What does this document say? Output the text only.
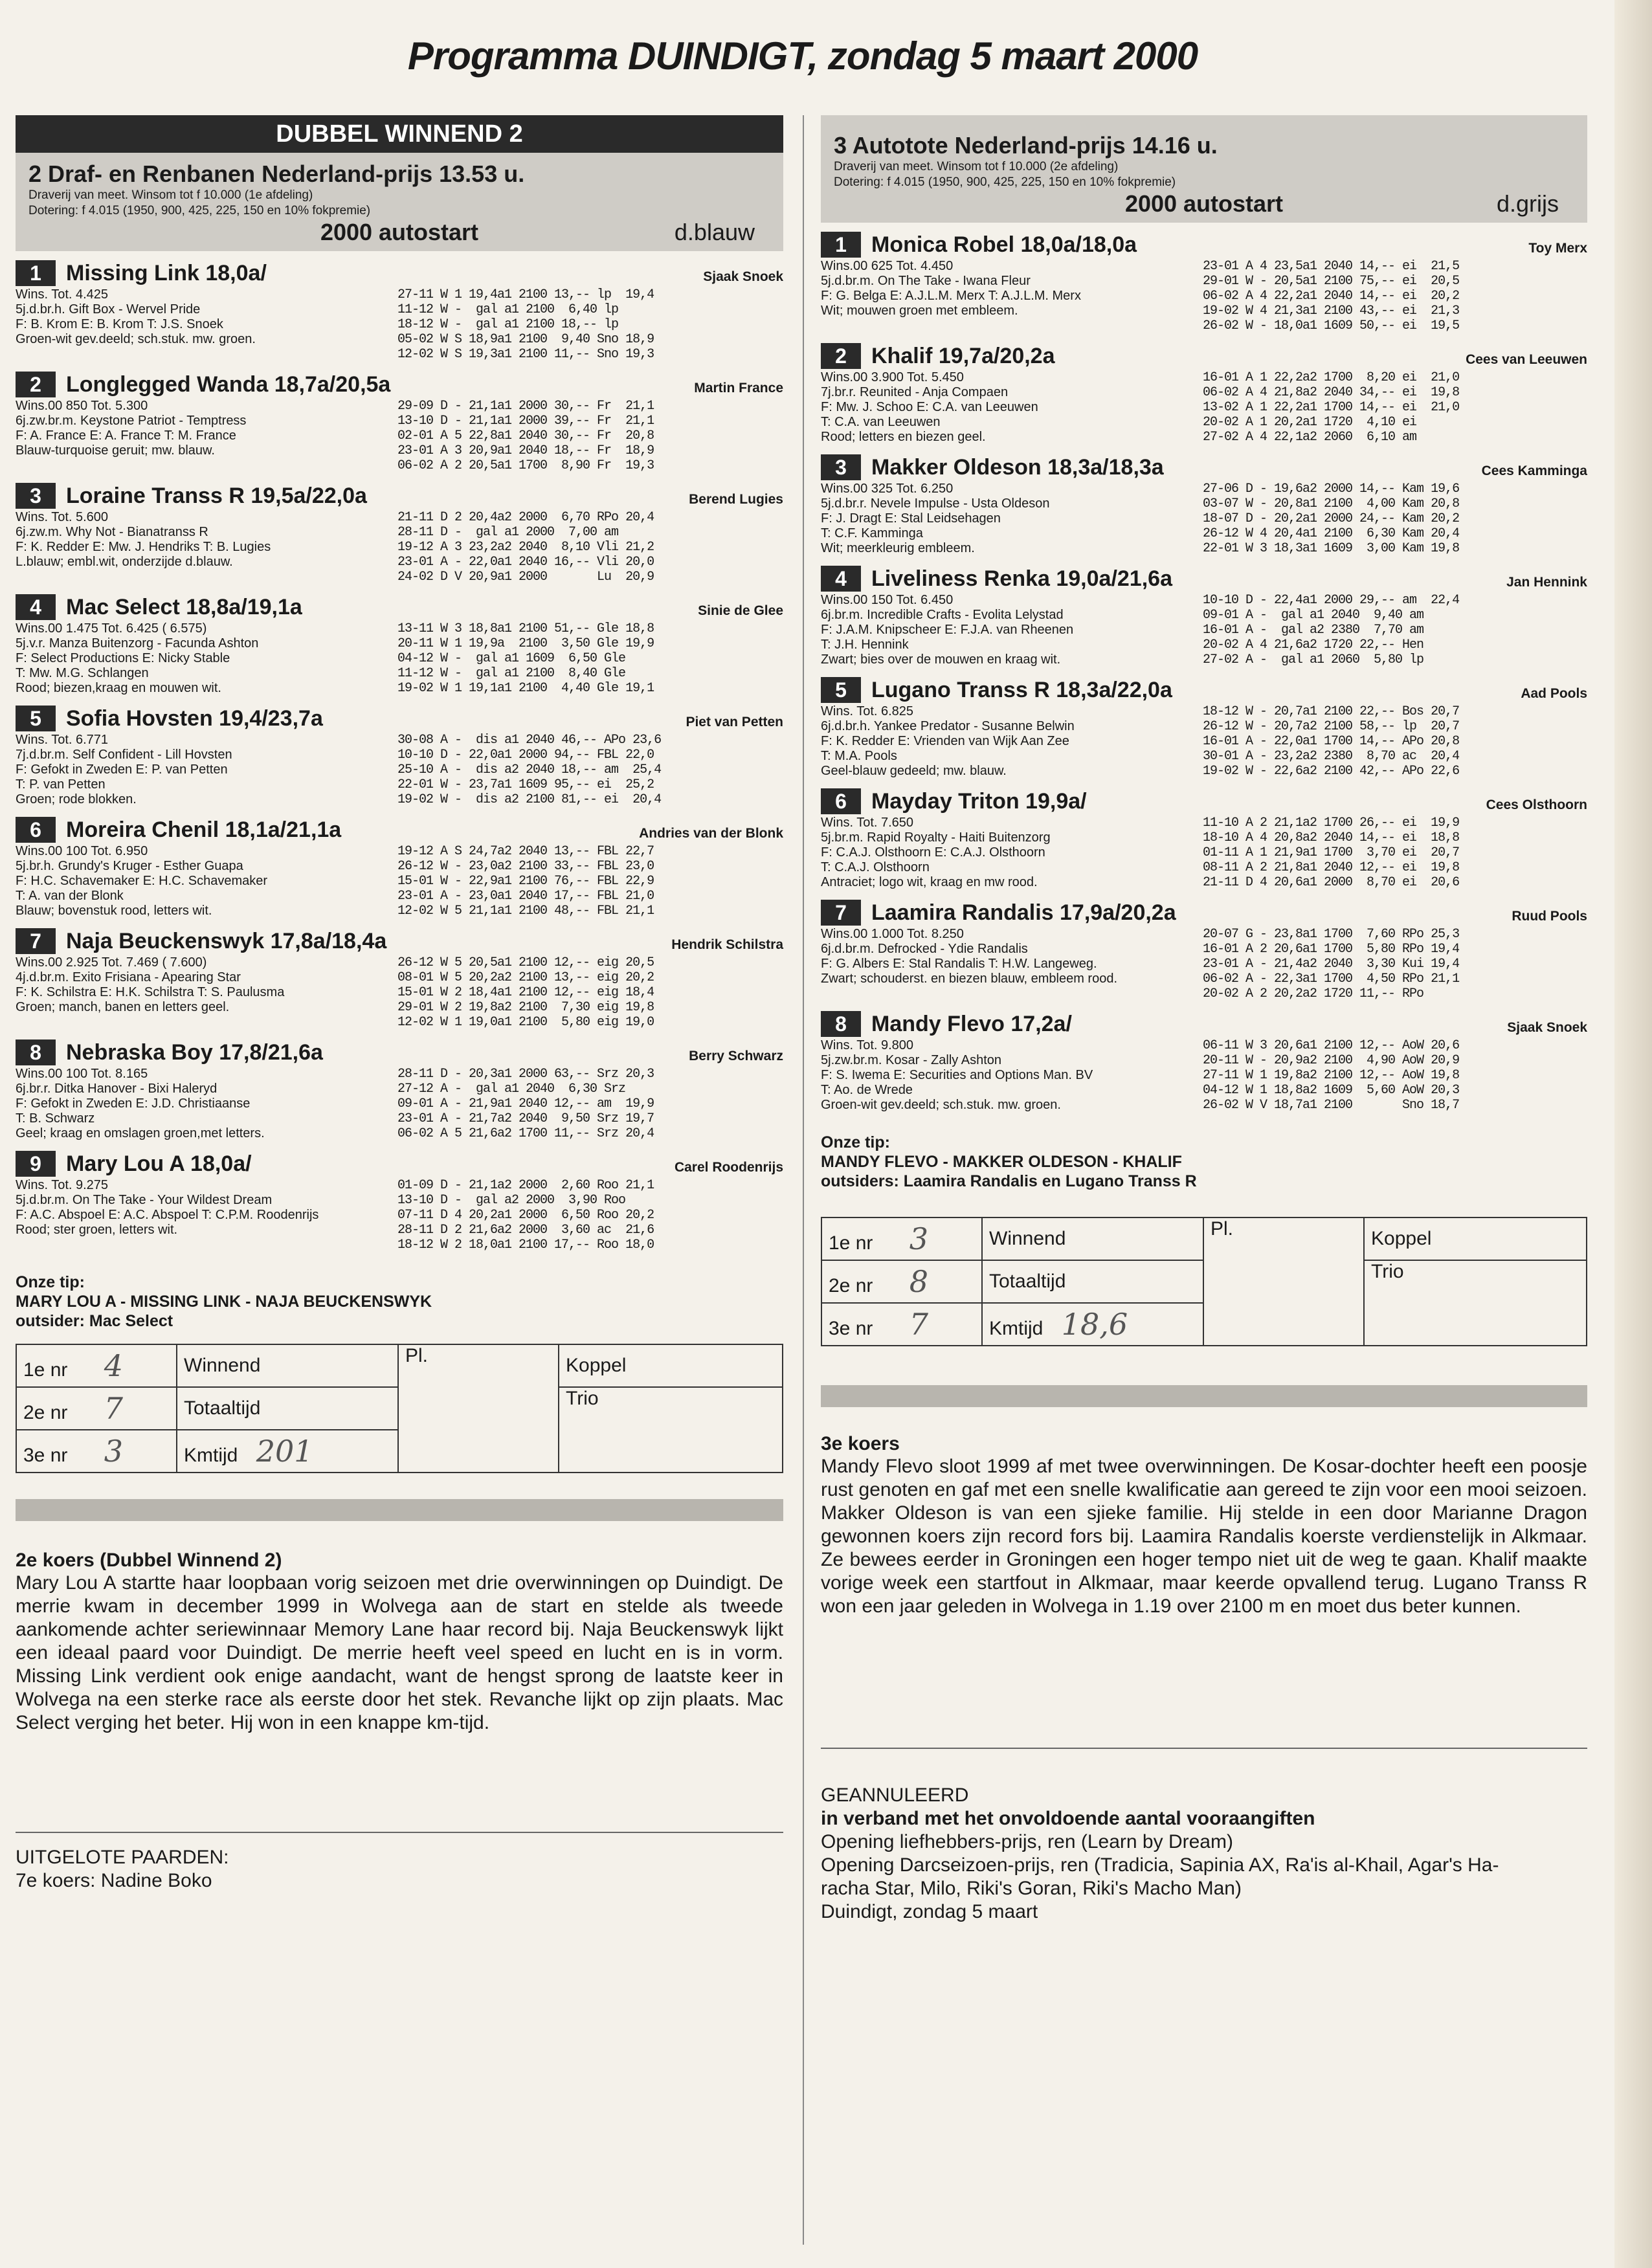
Programma DUINDIGT, zondag 5 maart 2000
DUBBEL WINNEND 2
2 Draf- en Renbanen Nederland-prijs 13.53 u.
Draverij van meet. Winsom tot f 10.000 (1e afdeling)
Dotering: f 4.015 (1950, 900, 425, 225, 150 en 10% fokpremie)
2000 autostart	d.blauw
1 Missing Link 18,0a/	Sjaak Snoek
Wins. Tot. 4.425
5j.d.br.h. Gift Box - Wervel Pride
F: B. Krom E: B. Krom T: J.S. Snoek
Groen-wit gev.deeld; sch.stuk. mw. groen.
27-11 W 1 19,4a1 2100 13,-- lp  19,4
11-12 W -  gal a1 2100  6,40 lp
18-12 W -  gal a1 2100 18,-- lp
05-02 W S 18,9a1 2100  9,40 Sno 18,9
12-02 W S 19,3a1 2100 11,-- Sno 19,3
2 Longlegged Wanda 18,7a/20,5a	Martin France
Wins.00 850 Tot. 5.300
6j.zw.br.m. Keystone Patriot - Temptress
F: A. France E: A. France T: M. France
Blauw-turquoise geruit; mw. blauw.
29-09 D - 21,1a1 2000 30,-- Fr  21,1
13-10 D - 21,1a1 2000 39,-- Fr  21,1
02-01 A 5 22,8a1 2040 30,-- Fr  20,8
23-01 A 3 20,9a1 2040 18,-- Fr  18,9
06-02 A 2 20,5a1 1700  8,90 Fr  19,3
3 Loraine Transs R 19,5a/22,0a	Berend Lugies
Wins. Tot. 5.600
6j.zw.m. Why Not - Bianatranss R
F: K. Redder E: Mw. J. Hendriks T: B. Lugies
L.blauw; embl.wit, onderzijde d.blauw.
21-11 D 2 20,4a2 2000  6,70 RPo 20,4
28-11 D -  gal a1 2000  7,00 am
19-12 A 3 23,2a2 2040  8,10 Vli 21,2
23-01 A - 22,0a1 2040 16,-- Vli 20,0
24-02 D V 20,9a1 2000       Lu  20,9
4 Mac Select 18,8a/19,1a	Sinie de Glee
Wins.00 1.475 Tot. 6.425 ( 6.575)
5j.v.r. Manza Buitenzorg - Facunda Ashton
F: Select Productions E: Nicky Stable
T: Mw. M.G. Schlangen
Rood; biezen,kraag en mouwen wit.
13-11 W 3 18,8a1 2100 51,-- Gle 18,8
20-11 W 1 19,9a  2100  3,50 Gle 19,9
04-12 W -  gal a1 1609  6,50 Gle
11-12 W -  gal a1 2100  8,40 Gle
19-02 W 1 19,1a1 2100  4,40 Gle 19,1
5 Sofia Hovsten 19,4/23,7a	Piet van Petten
Wins. Tot. 6.771
7j.d.br.m. Self Confident - Lill Hovsten
F: Gefokt in Zweden E: P. van Petten
T: P. van Petten
Groen; rode blokken.
30-08 A -  dis a1 2040 46,-- APo 23,6
10-10 D - 22,0a1 2000 94,-- FBL 22,0
25-10 A -  dis a2 2040 18,-- am  25,4
22-01 W - 23,7a1 1609 95,-- ei  25,2
19-02 W -  dis a2 2100 81,-- ei  20,4
6 Moreira Chenil 18,1a/21,1a	Andries van der Blonk
Wins.00 100 Tot. 6.950
5j.br.h. Grundy's Kruger - Esther Guapa
F: H.C. Schavemaker E: H.C. Schavemaker
T: A. van der Blonk
Blauw; bovenstuk rood, letters wit.
19-12 A S 24,7a2 2040 13,-- FBL 22,7
26-12 W - 23,0a2 2100 33,-- FBL 23,0
15-01 W - 22,9a1 2100 76,-- FBL 22,9
23-01 A - 23,0a1 2040 17,-- FBL 21,0
12-02 W 5 21,1a1 2100 48,-- FBL 21,1
7 Naja Beuckenswyk 17,8a/18,4a	Hendrik Schilstra
Wins.00 2.925 Tot. 7.469 ( 7.600)
4j.d.br.m. Exito Frisiana - Apearing Star
F: K. Schilstra E: H.K. Schilstra T: S. Paulusma
Groen; manch, banen en letters geel.
26-12 W 5 20,5a1 2100 12,-- eig 20,5
08-01 W 5 20,2a2 2100 13,-- eig 20,2
15-01 W 2 18,4a1 2100 12,-- eig 18,4
29-01 W 2 19,8a2 2100  7,30 eig 19,8
12-02 W 1 19,0a1 2100  5,80 eig 19,0
8 Nebraska Boy 17,8/21,6a	Berry Schwarz
Wins.00 100 Tot. 8.165
6j.br.r. Ditka Hanover - Bixi Haleryd
F: Gefokt in Zweden E: J.D. Christiaanse
T: B. Schwarz
Geel; kraag en omslagen groen,met letters.
28-11 D - 20,3a1 2000 63,-- Srz 20,3
27-12 A -  gal a1 2040  6,30 Srz
09-01 A - 21,9a1 2040 12,-- am  19,9
23-01 A - 21,7a2 2040  9,50 Srz 19,7
06-02 A 5 21,6a2 1700 11,-- Srz 20,4
9 Mary Lou A 18,0a/	Carel Roodenrijs
Wins. Tot. 9.275
5j.d.br.m. On The Take - Your Wildest Dream
F: A.C. Abspoel E: A.C. Abspoel T: C.P.M. Roodenrijs
Rood; ster groen, letters wit.
01-09 D - 21,1a2 2000  2,60 Roo 21,1
13-10 D -  gal a2 2000  3,90 Roo
07-11 D 4 20,2a1 2000  6,50 Roo 20,2
28-11 D 2 21,6a2 2000  3,60 ac  21,6
18-12 W 2 18,0a1 2100 17,-- Roo 18,0
Onze tip:
MARY LOU A - MISSING LINK - NAJA BEUCKENSWYK
outsider: Mac Select
1e nr 4	Winnend	Pl.	Koppel
2e nr 7	Totaaltijd		Trio
3e nr 3	Kmtijd 201		
2e koers (Dubbel Winnend 2)
Mary Lou A startte haar loopbaan vorig seizoen met drie overwinningen op Duindigt. De merrie kwam in december 1999 in Wolvega aan de start en stelde als tweede aankomende achter seriewinnaar Memory Lane haar record bij. Naja Beuckenswyk lijkt een ideaal paard voor Duindigt. De merrie heeft veel speed en lucht en is in vorm. Missing Link verdient ook enige aandacht, want de hengst sprong de laatste keer in Wolvega na een sterke race als eerste door het stek. Revanche lijkt op zijn plaats. Mac Select verging het beter. Hij won in een knappe km-tijd.
UITGELOTE PAARDEN:
7e koers: Nadine Boko
3 Autotote Nederland-prijs 14.16 u.
Draverij van meet. Winsom tot f 10.000 (2e afdeling)
Dotering: f 4.015 (1950, 900, 425, 225, 150 en 10% fokpremie)
2000 autostart	d.grijs
1 Monica Robel 18,0a/18,0a	Toy Merx
Wins.00 625 Tot. 4.450
5j.d.br.m. On The Take - Iwana Fleur
F: G. Belga E: A.J.L.M. Merx T: A.J.L.M. Merx
Wit; mouwen groen met embleem.
23-01 A 4 23,5a1 2040 14,-- ei  21,5
29-01 W - 20,5a1 2100 75,-- ei  20,5
06-02 A 4 22,2a1 2040 14,-- ei  20,2
19-02 W 4 21,3a1 2100 43,-- ei  21,3
26-02 W - 18,0a1 1609 50,-- ei  19,5
2 Khalif 19,7a/20,2a	Cees van Leeuwen
Wins.00 3.900 Tot. 5.450
7j.br.r. Reunited - Anja Compaen
F: Mw. J. Schoo E: C.A. van Leeuwen
T: C.A. van Leeuwen
Rood; letters en biezen geel.
16-01 A 1 22,2a2 1700  8,20 ei  21,0
06-02 A 4 21,8a2 2040 34,-- ei  19,8
13-02 A 1 22,2a1 1700 14,-- ei  21,0
20-02 A 1 20,2a1 1720  4,10 ei
27-02 A 4 22,1a2 2060  6,10 am
3 Makker Oldeson 18,3a/18,3a	Cees Kamminga
Wins.00 325 Tot. 6.250
5j.d.br.r. Nevele Impulse - Usta Oldeson
F: J. Dragt E: Stal Leidsehagen
T: C.F. Kamminga
Wit; meerkleurig embleem.
27-06 D - 19,6a2 2000 14,-- Kam 19,6
03-07 W - 20,8a1 2100  4,00 Kam 20,8
18-07 D - 20,2a1 2000 24,-- Kam 20,2
26-12 W 4 20,4a1 2100  6,30 Kam 20,4
22-01 W 3 18,3a1 1609  3,00 Kam 19,8
4 Liveliness Renka 19,0a/21,6a	Jan Hennink
Wins.00 150 Tot. 6.450
6j.br.m. Incredible Crafts - Evolita Lelystad
F: J.A.M. Knipscheer E: F.J.A. van Rheenen
T: J.H. Hennink
Zwart; bies over de mouwen en kraag wit.
10-10 D - 22,4a1 2000 29,-- am  22,4
09-01 A -  gal a1 2040  9,40 am
16-01 A -  gal a2 2380  7,70 am
20-02 A 4 21,6a2 1720 22,-- Hen
27-02 A -  gal a1 2060  5,80 lp
5 Lugano Transs R 18,3a/22,0a	Aad Pools
Wins. Tot. 6.825
6j.d.br.h. Yankee Predator - Susanne Belwin
F: K. Redder E: Vrienden van Wijk Aan Zee
T: M.A. Pools
Geel-blauw gedeeld; mw. blauw.
18-12 W - 20,7a1 2100 22,-- Bos 20,7
26-12 W - 20,7a2 2100 58,-- lp  20,7
16-01 A - 22,0a1 1700 14,-- APo 20,8
30-01 A - 23,2a2 2380  8,70 ac  20,4
19-02 W - 22,6a2 2100 42,-- APo 22,6
6 Mayday Triton 19,9a/	Cees Olsthoorn
Wins. Tot. 7.650
5j.br.m. Rapid Royalty - Haiti Buitenzorg
F: C.A.J. Olsthoorn E: C.A.J. Olsthoorn
T: C.A.J. Olsthoorn
Antraciet; logo wit, kraag en mw rood.
11-10 A 2 21,1a2 1700 26,-- ei  19,9
18-10 A 4 20,8a2 2040 14,-- ei  18,8
01-11 A 1 21,9a1 1700  3,70 ei  20,7
08-11 A 2 21,8a1 2040 12,-- ei  19,8
21-11 D 4 20,6a1 2000  8,70 ei  20,6
7 Laamira Randalis 17,9a/20,2a	Ruud Pools
Wins.00 1.000 Tot. 8.250
6j.d.br.m. Defrocked - Ydie Randalis
F: G. Albers E: Stal Randalis T: H.W. Langeweg.
Zwart; schouderst. en biezen blauw, embleem rood.
20-07 G - 23,8a1 1700  7,60 RPo 25,3
16-01 A 2 20,6a1 1700  5,80 RPo 19,4
23-01 A - 21,4a2 2040  3,30 Kui 19,4
06-02 A - 22,3a1 1700  4,50 RPo 21,1
20-02 A 2 20,2a2 1720 11,-- RPo
8 Mandy Flevo 17,2a/	Sjaak Snoek
Wins. Tot. 9.800
5j.zw.br.m. Kosar - Zally Ashton
F: S. Iwema E: Securities and Options Man. BV
T: Ao. de Wrede
Groen-wit gev.deeld; sch.stuk. mw. groen.
06-11 W 3 20,6a1 2100 12,-- AoW 20,6
20-11 W - 20,9a2 2100  4,90 AoW 20,9
27-11 W 1 19,8a2 2100 12,-- AoW 19,8
04-12 W 1 18,8a2 1609  5,60 AoW 20,3
26-02 W V 18,7a1 2100       Sno 18,7
Onze tip:
MANDY FLEVO - MAKKER OLDESON - KHALIF
outsiders: Laamira Randalis en Lugano Transs R
1e nr 3	Winnend	Pl.	Koppel
2e nr 8	Totaaltijd		Trio
3e nr 7	Kmtijd 18,6		
3e koers
Mandy Flevo sloot 1999 af met twee overwinningen. De Kosar-dochter heeft een poosje rust genoten en gaf met een snelle kwalificatie aan gereed te zijn voor een mooi seizoen. Makker Oldeson is van een sjieke familie. Hij stelde in een door Marianne Dragon gewonnen koers zijn record fors bij. Laamira Randalis koerste verdienstelijk in Alkmaar. Ze bewees eerder in Groningen een hoger tempo niet uit de weg te gaan. Khalif maakte vorige week een startfout in Alkmaar, maar keerde opvallend terug. Lugano Transs R won een jaar geleden in Wolvega in 1.19 over 2100 m en moet dus beter kunnen.
GEANNULEERD
in verband met het onvoldoende aantal vooraangiften
Opening liefhebbers-prijs, ren (Learn by Dream)
Opening Darcseizoen-prijs, ren (Tradicia, Sapinia AX, Ra'is al-Khail, Agar's Ha-
racha Star, Milo, Riki's Goran, Riki's Macho Man)
Duindigt, zondag 5 maart
